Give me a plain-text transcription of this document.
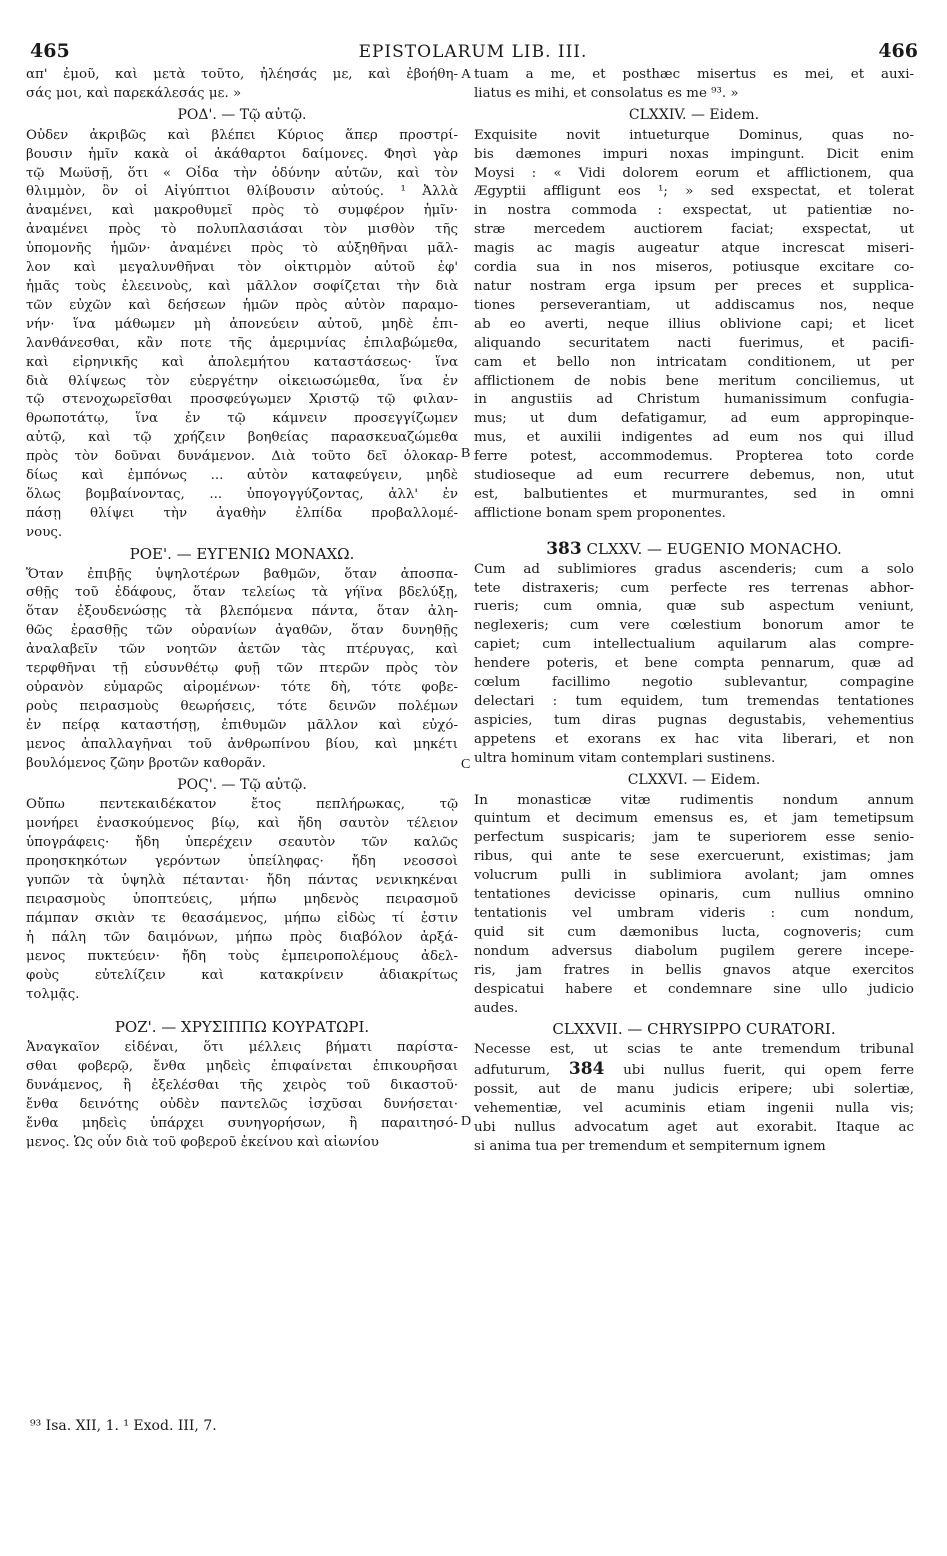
465	EPISTOLARUM LIB. III.	466
απ' ἐμοῦ, καὶ μετὰ τοῦτο, ἠλέησάς με, καὶ ἐβοήθη-
σάς μοι, καὶ παρεκάλεσάς με. »
ΡΟΔ'. — Τῷ αὐτῷ.
Οὐδεν ἀκριβῶς καὶ βλέπει Κύριος ἅπερ προστρί-
βουσιν ἡμῖν κακὰ οἱ ἀκάθαρτοι δαίμονες. Φησὶ γὰρ
τῷ Μωϋσῇ, ὅτι « Οἶδα τὴν ὀδύνην αὐτῶν, καὶ τὸν
θλιμμὸν, ὃν οἱ Αἰγύπτιοι θλίβουσιν αὐτούς. ¹ Ἀλλὰ
ἀναμένει, καὶ μακροθυμεῖ πρὸς τὸ συμφέρον ἡμῖν·
ἀναμένει πρὸς τὸ πολυπλασιάσαι τὸν μισθὸν τῆς
ὑπομονῆς ἡμῶν· ἀναμένει πρὸς τὸ αὐξηθῆναι μᾶλ-
λον καὶ μεγαλυνθῆναι τὸν οἰκτιρμὸν αὐτοῦ ἐφ'
ἡμᾶς τοὺς ἐλεεινοὺς, καὶ μᾶλλον σοφίζεται τὴν διὰ
τῶν εὐχῶν καὶ δεήσεων ἡμῶν πρὸς αὐτὸν παραμο-
νήν· ἵνα μάθωμεν μὴ ἀπονεύειν αὐτοῦ, μηδὲ ἐπι-
λανθάνεσθαι, κἂν ποτε τῆς ἀμεριμνίας ἐπιλαβώμεθα,
καὶ εἰρηνικῆς καὶ ἀπολεμήτου καταστάσεως· ἵνα
διὰ θλίψεως τὸν εὐεργέτην οἰκειωσώμεθα, ἵνα ἐν
τῷ στενοχωρεῖσθαι προσφεύγωμεν Χριστῷ τῷ φιλαν-
θρωποτάτῳ, ἵνα ἐν τῷ κάμνειν προσεγγίζωμεν
αὐτῷ, καὶ τῷ χρήζειν βοηθείας παρασκευαζώμεθα
πρὸς τὸν δοῦναι δυνάμενον. Διὰ τοῦτο δεῖ ὁλοκαρ-
δίως καὶ ἐμπόνως ... αὐτὸν καταφεύγειν, μηδὲ
ὅλως βομβαίνοντας, ... ὑπογογγύζοντας, ἀλλ' ἐν
πάσῃ θλίψει τὴν ἀγαθὴν ἐλπίδα προβαλλομέ-
νους.
ΡΟΕ'. — ΕΥΓΕΝΙΩ ΜΟΝΑΧΩ.
Ὅταν ἐπιβῇς ὑψηλοτέρων βαθμῶν, ὅταν ἀποσπα-
σθῇς τοῦ ἐδάφους, ὅταν τελείως τὰ γήϊνα βδελύξῃ,
ὅταν ἐξουδενώσῃς τὰ βλεπόμενα πάντα, ὅταν ἀλη-
θῶς ἐρασθῇς τῶν οὐρανίων ἀγαθῶν, ὅταν δυνηθῇς
ἀναλαβεῖν τῶν νοητῶν ἀετῶν τὰς πτέρυγας, καὶ
τερφθῆναι τῇ εὐσυνθέτῳ φυῇ τῶν πτερῶν πρὸς τὸν
οὐρανὸν εὐμαρῶς αἰρομένων· τότε δὴ, τότε φοβε-
ροὺς πειρασμοὺς θεωρήσεις, τότε δεινῶν πολέμων
ἐν πείρᾳ καταστήσῃ, ἐπιθυμῶν μᾶλλον καὶ εὐχό-
μενος ἀπαλλαγῆναι τοῦ ἀνθρωπίνου βίου, καὶ μηκέτι
βουλόμενος ζῶην βροτῶν καθορᾶν.
ΡΟϚ'. — Τῷ αὐτῷ.
Οὔπω πεντεκαιδέκατον ἔτος πεπλήρωκας, τῷ
μονήρει ἐνασκούμενος βίῳ, καὶ ἤδη σαυτὸν τέλειον
ὑπογράφεις· ἤδη ὑπερέχειν σεαυτὸν τῶν καλῶς
προησκηκότων γερόντων ὑπείληφας· ἤδη νεοσσοὶ
γυπῶν τὰ ὑψηλὰ πέτανται· ἤδη πάντας νενικηκέναι
πειρασμοὺς ὑποπτεύεις, μήπω μηδενὸς πειρασμοῦ
πάμπαν σκιὰν τε θεασάμενος, μήπω εἰδὼς τί ἐστιν
ἡ πάλη τῶν δαιμόνων, μήπω πρὸς διαβόλον ἀρξά-
μενος πυκτεύειν· ἤδη τοὺς ἐμπειροπολέμους ἀδελ-
φοὺς εὐτελίζειν καὶ κατακρίνειν ἀδιακρίτως
τολμᾷς.
ΡΟΖ'. — ΧΡΥΣΙΠΠΩ ΚΟΥΡΑΤΩΡΙ.
Ἀναγκαῖον εἰδέναι, ὅτι μέλλεις βήματι παρίστα-
σθαι φοβερῷ, ἔνθα μηδεὶς ἐπιφαίνεται ἐπικουρῆσαι
δυνάμενος, ἢ ἐξελέσθαι τῆς χειρὸς τοῦ δικαστοῦ·
ἔνθα δεινότης οὐδὲν παντελῶς ἰσχῦσαι δυνήσεται·
ἔνθα μηδεὶς ὑπάρχει συνηγορήσων, ἢ παραιτησό-
μενος. Ὡς οὖν διὰ τοῦ φοβεροῦ ἐκείνου καὶ αἰωνίου
tuam a me, et posthæc misertus es mei, et auxi-
liatus es mihi, et consolatus es me ⁹³. »
CLXXIV. — Eidem.
Exquisite novit intueturque Dominus, quas no-
bis dæmones impuri noxas impingunt. Dicit enim
Moysi : « Vidi dolorem eorum et afflictionem, qua
Ægyptii affligunt eos ¹; » sed exspectat, et tolerat
in nostra commoda : exspectat, ut patientiæ no-
stræ mercedem auctiorem faciat; exspectat, ut
magis ac magis augeatur atque increscat miseri-
cordia sua in nos miseros, potiusque excitare co-
natur nostram erga ipsum per preces et supplica-
tiones perseverantiam, ut addiscamus nos, neque
ab eo averti, neque illius oblivione capi; et licet
aliquando securitatem nacti fuerimus, et pacifi-
cam et bello non intricatam conditionem, ut per
afflictionem de nobis bene meritum conciliemus, ut
in angustiis ad Christum humanissimum confugia-
mus; ut dum defatigamur, ad eum appropinque-
mus, et auxilii indigentes ad eum nos qui illud
ferre potest, accommodemus. Propterea toto corde
studioseque ad eum recurrere debemus, non, utut
est, balbutientes et murmurantes, sed in omni
afflictione bonam spem proponentes.
383 CLXXV. — EUGENIO MONACHO.
Cum ad sublimiores gradus ascenderis; cum a solo
tete distraxeris; cum perfecte res terrenas abhor-
rueris; cum omnia, quæ sub aspectum veniunt,
neglexeris; cum vere cœlestium bonorum amor te
capiet; cum intellectualium aquilarum alas compre-
hendere poteris, et bene compta pennarum, quæ ad
cœlum facillimo negotio sublevantur, compagine
delectari : tum equidem, tum tremendas tentationes
aspicies, tum diras pugnas degustabis, vehementius
appetens et exorans ex hac vita liberari, et non
ultra hominum vitam contemplari sustinens.
CLXXVI. — Eidem.
In monasticæ vitæ rudimentis nondum annum
quintum et decimum emensus es, et jam temetipsum
perfectum suspicaris; jam te superiorem esse senio-
ribus, qui ante te sese exercuerunt, existimas; jam
volucrum pulli in sublimiora avolant; jam omnes
tentationes devicisse opinaris, cum nullius omnino
tentationis vel umbram videris : cum nondum,
quid sit cum dæmonibus lucta, cognoveris; cum
nondum adversus diabolum pugilem gerere incepe-
ris, jam fratres in bellis gnavos atque exercitos
despicatui habere et condemnare sine ullo judicio
audes.
CLXXVII. — CHRYSIPPO CURATORI.
Necesse est, ut scias te ante tremendum tribunal
adfuturum, 384 ubi nullus fuerit, qui opem ferre
possit, aut de manu judicis eripere; ubi solertiæ,
vehementiæ, vel acuminis etiam ingenii nulla vis;
ubi nullus advocatum aget aut exorabit. Itaque ac
si anima tua per tremendum et sempiternum ignem
A
B
C
D
⁹³ Isa. XII, 1. ¹ Exod. III, 7.
